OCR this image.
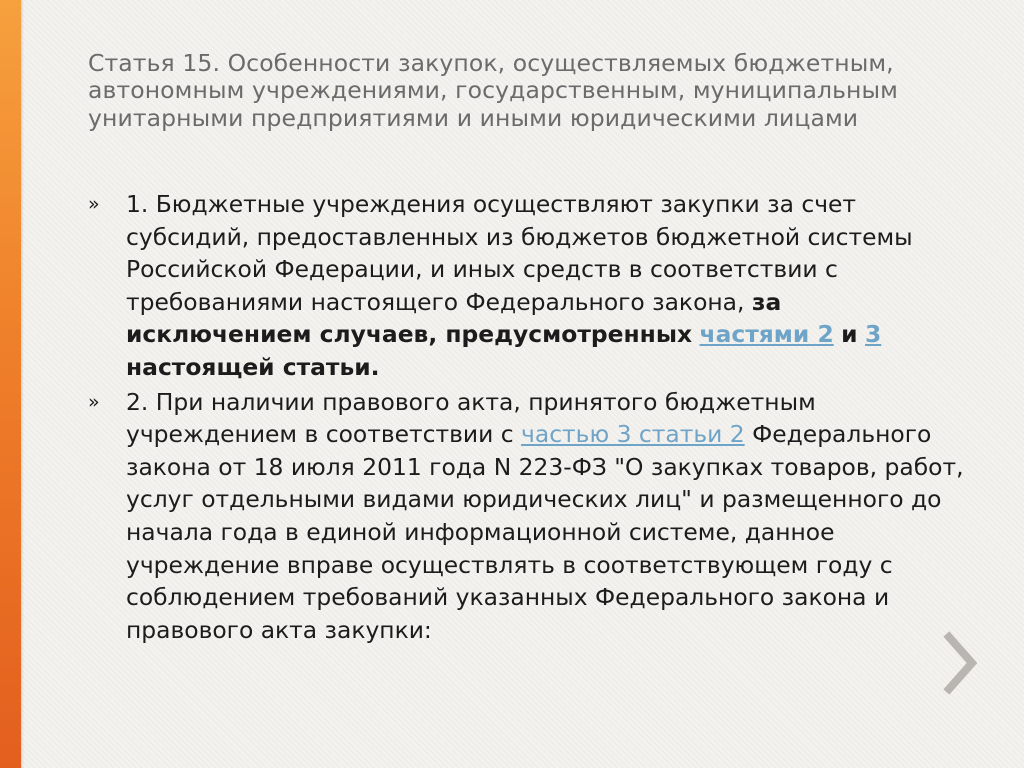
Статья 15. Особенности закупок, осуществляемых бюджетным, автономным учреждениями, государственным, муниципальным унитарными предприятиями и иными юридическими лицами
» 1. Бюджетные учреждения осуществляют закупки за счет субсидий, предоставленных из бюджетов бюджетной системы Российской Федерации, и иных средств в соответствии с требованиями настоящего Федерального закона, за исключением случаев, предусмотренных частями 2 и 3 настоящей статьи.
» 2. При наличии правового акта, принятого бюджетным учреждением в соответствии с частью 3 статьи 2 Федерального закона от 18 июля 2011 года N 223-ФЗ "О закупках товаров, работ, услуг отдельными видами юридических лиц" и размещенного до начала года в единой информационной системе, данное учреждение вправе осуществлять в соответствующем году с соблюдением требований указанных Федерального закона и правового акта закупки:
